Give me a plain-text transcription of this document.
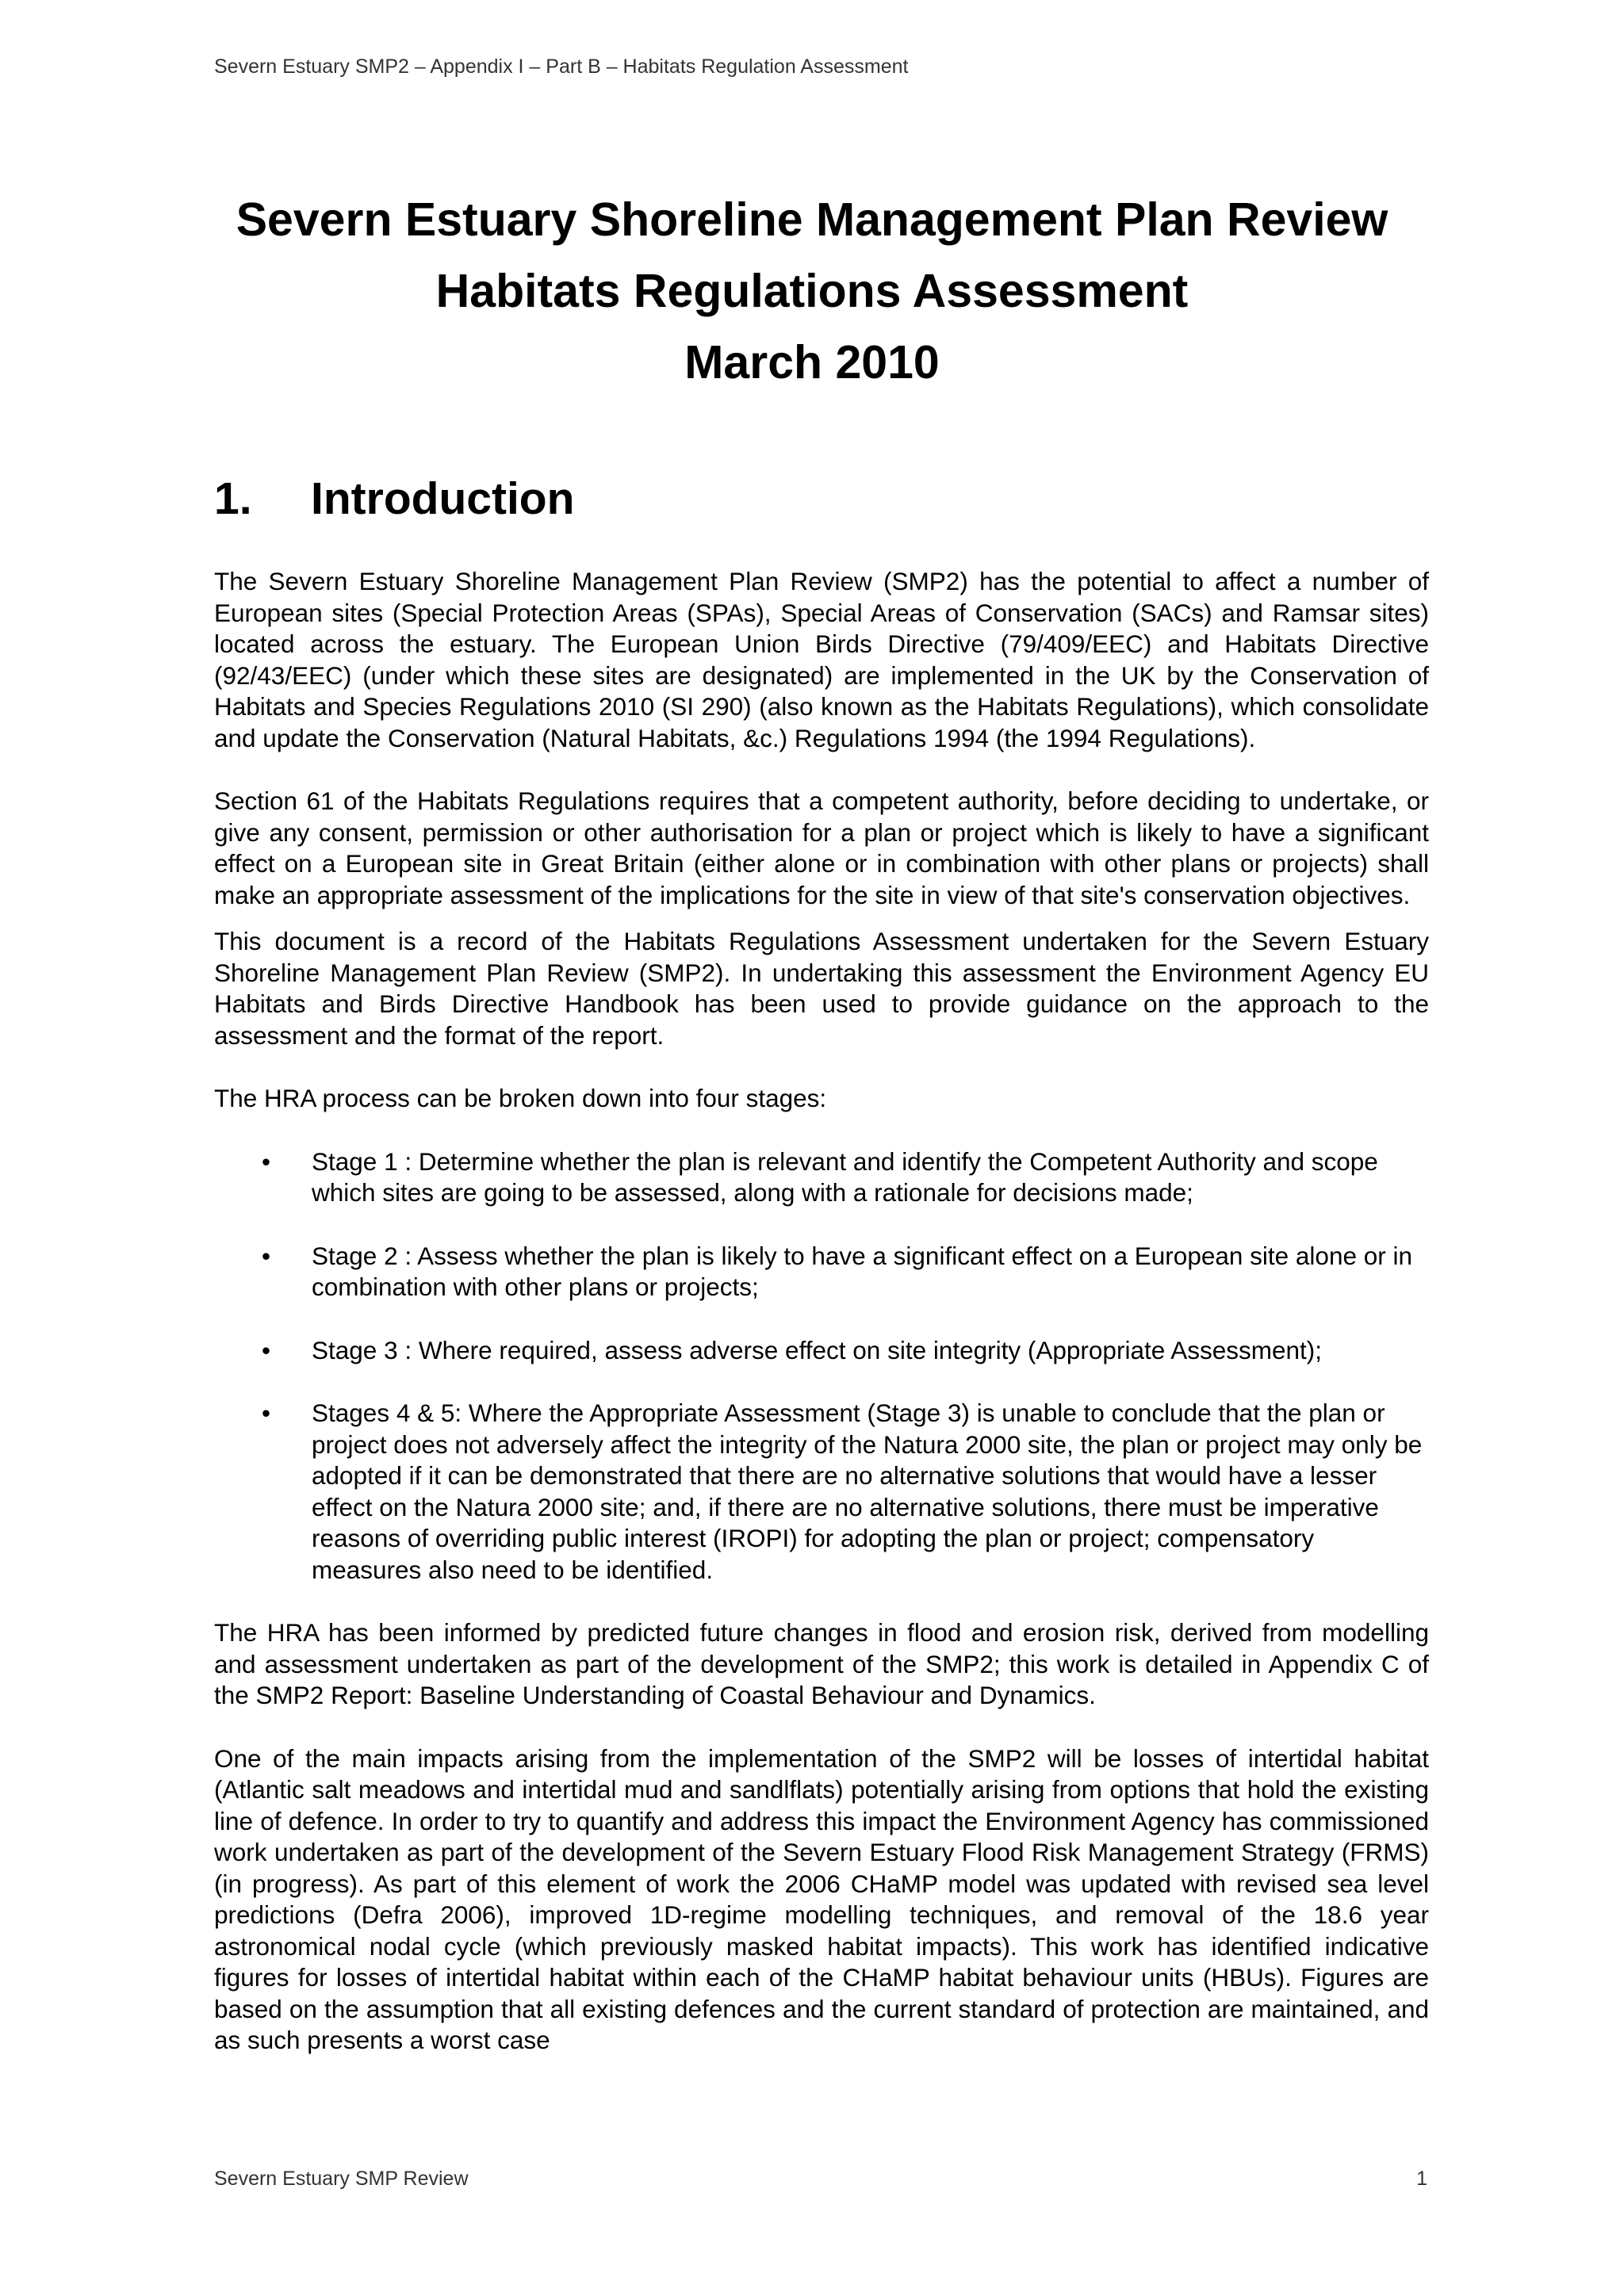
Severn Estuary SMP2 – Appendix I – Part B – Habitats Regulation Assessment
Severn Estuary Shoreline Management Plan Review
Habitats Regulations Assessment
March 2010
1.	Introduction

The Severn Estuary Shoreline Management Plan Review (SMP2) has the potential to affect a number of European sites (Special Protection Areas (SPAs), Special Areas of Conservation (SACs) and Ramsar sites) located across the estuary. The European Union Birds Directive (79/409/EEC) and Habitats Directive (92/43/EEC) (under which these sites are designated) are implemented in the UK by the Conservation of Habitats and Species Regulations 2010 (SI 290) (also known as the Habitats Regulations), which consolidate and update the Conservation (Natural Habitats, &c.) Regulations 1994 (the 1994 Regulations).

Section 61 of the Habitats Regulations requires that a competent authority, before deciding to undertake, or give any consent, permission or other authorisation for a plan or project which is likely to have a significant effect on a European site in Great Britain (either alone or in combination with other plans or projects) shall make an appropriate assessment of the implications for the site in view of that site's conservation objectives.

This document is a record of the Habitats Regulations Assessment undertaken for the Severn Estuary Shoreline Management Plan Review (SMP2). In undertaking this assessment the Environment Agency EU Habitats and Birds Directive Handbook has been used to provide guidance on the approach to the assessment and the format of the report.

The HRA process can be broken down into four stages:

• Stage 1 : Determine whether the plan is relevant and identify the Competent Authority and scope which sites are going to be assessed, along with a rationale for decisions made;
• Stage 2 : Assess whether the plan is likely to have a significant effect on a European site alone or in combination with other plans or projects;
• Stage 3 : Where required, assess adverse effect on site integrity (Appropriate Assessment);
• Stages 4 & 5: Where the Appropriate Assessment (Stage 3) is unable to conclude that the plan or project does not adversely affect the integrity of the Natura 2000 site, the plan or project may only be adopted if it can be demonstrated that there are no alternative solutions that would have a lesser effect on the Natura 2000 site; and, if there are no alternative solutions, there must be imperative reasons of overriding public interest (IROPI) for adopting the plan or project; compensatory measures also need to be identified.

The HRA has been informed by predicted future changes in flood and erosion risk, derived from modelling and assessment undertaken as part of the development of the SMP2; this work is detailed in Appendix C of the SMP2 Report: Baseline Understanding of Coastal Behaviour and Dynamics.

One of the main impacts arising from the implementation of the SMP2 will be losses of intertidal habitat (Atlantic salt meadows and intertidal mud and sandlflats) potentially arising from options that hold the existing line of defence. In order to try to quantify and address this impact the Environment Agency has commissioned work undertaken as part of the development of the Severn Estuary Flood Risk Management Strategy (FRMS) (in progress). As part of this element of work the 2006 CHaMP model was updated with revised sea level predictions (Defra 2006), improved 1D-regime modelling techniques, and removal of the 18.6 year astronomical nodal cycle (which previously masked habitat impacts). This work has identified indicative figures for losses of intertidal habitat within each of the CHaMP habitat behaviour units (HBUs). Figures are based on the assumption that all existing defences and the current standard of protection are maintained, and as such presents a worst case

Severn Estuary SMP Review	1
